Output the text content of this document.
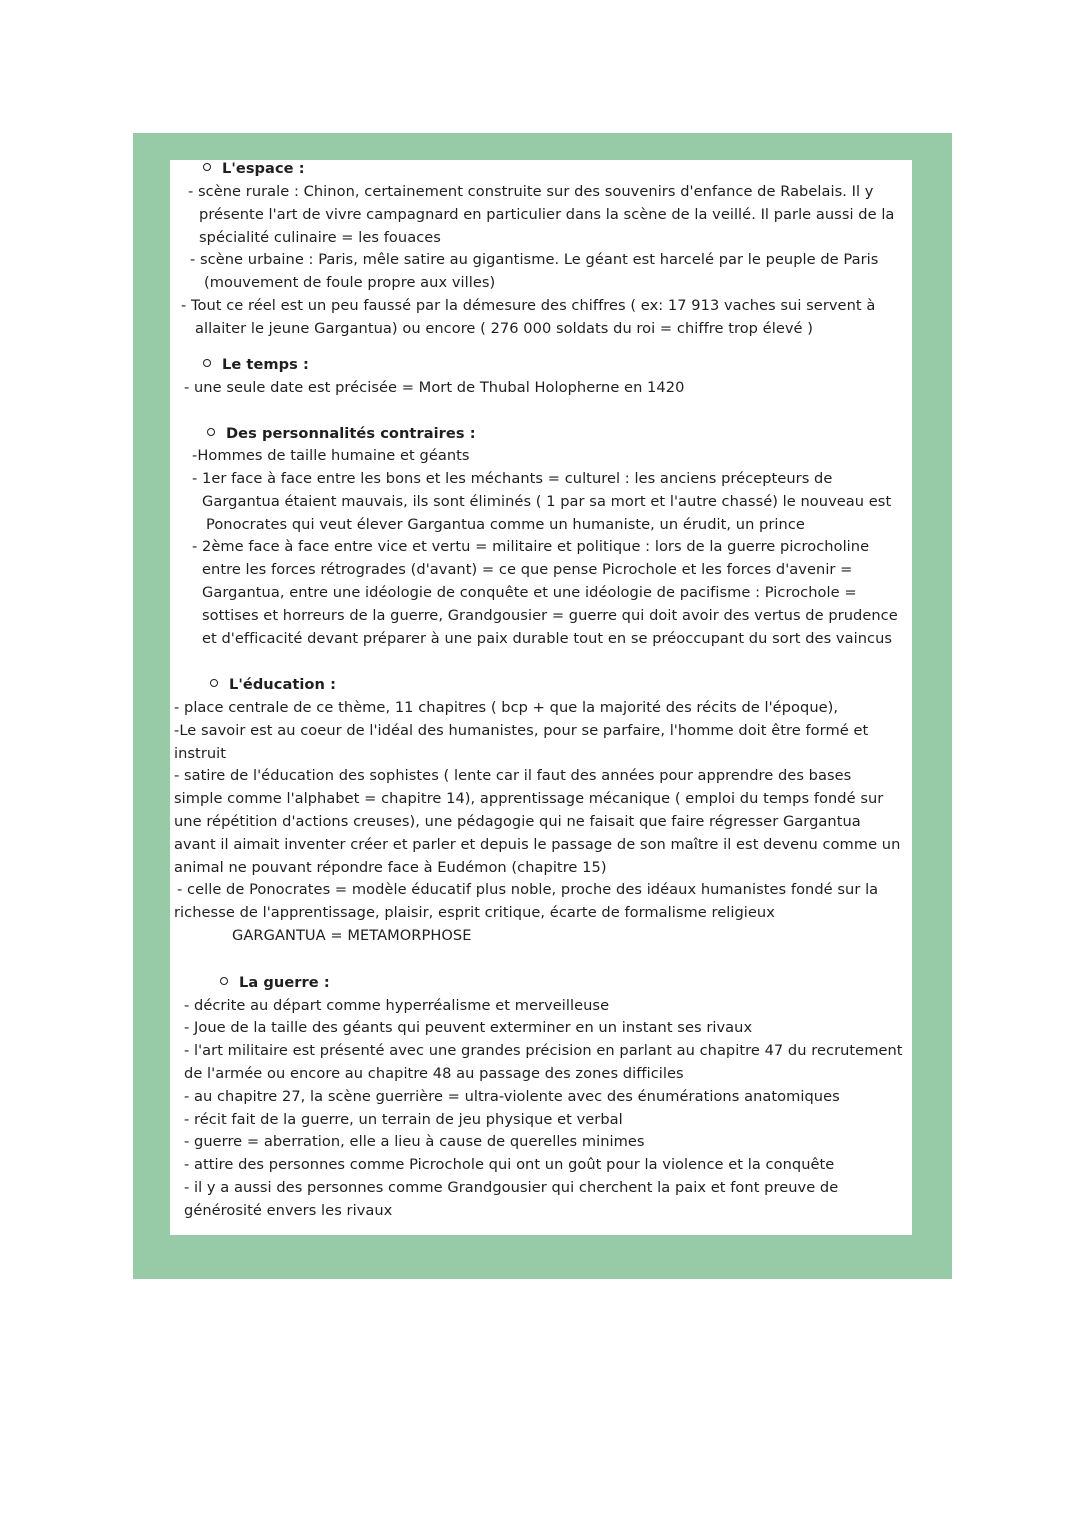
L'espace :
- scène rurale : Chinon, certainement construite sur des souvenirs d'enfance de Rabelais. Il y
présente l'art de vivre campagnard en particulier dans la scène de la veillé. Il parle aussi de la
spécialité culinaire = les fouaces
- scène urbaine : Paris, mêle satire au gigantisme. Le géant est harcelé par le peuple de Paris
(mouvement de foule propre aux villes)
- Tout ce réel est un peu faussé par la démesure des chiffres ( ex: 17 913 vaches sui servent à
allaiter le jeune Gargantua) ou encore ( 276 000 soldats du roi = chiffre trop élevé )
Le temps :
- une seule date est précisée = Mort de Thubal Holopherne en 1420
Des personnalités contraires :
-Hommes de taille humaine et géants
- 1er face à face entre les bons et les méchants = culturel : les anciens précepteurs de
Gargantua étaient mauvais, ils sont éliminés ( 1 par sa mort et l'autre chassé) le nouveau est
Ponocrates qui veut élever Gargantua comme un humaniste, un érudit, un prince
- 2ème face à face entre vice et vertu = militaire et politique : lors de la guerre picrocholine
entre les forces rétrogrades (d'avant) = ce que pense Picrochole et les forces d'avenir =
Gargantua, entre une idéologie de conquête et une idéologie de pacifisme : Picrochole =
sottises et horreurs de la guerre, Grandgousier = guerre qui doit avoir des vertus de prudence
et d'efficacité devant préparer à une paix durable tout en se préoccupant du sort des vaincus
L'éducation :
- place centrale de ce thème, 11 chapitres ( bcp + que la majorité des récits de l'époque),
-Le savoir est au coeur de l'idéal des humanistes, pour se parfaire, l'homme doit être formé et
instruit
- satire de l'éducation des sophistes ( lente car il faut des années pour apprendre des bases
simple comme l'alphabet = chapitre 14), apprentissage mécanique ( emploi du temps fondé sur
une répétition d'actions creuses), une pédagogie qui ne faisait que faire régresser Gargantua
avant il aimait inventer créer et parler et depuis le passage de son maître il est devenu comme un
animal ne pouvant répondre face à Eudémon (chapitre 15)
- celle de Ponocrates = modèle éducatif plus noble, proche des idéaux humanistes fondé sur la
richesse de l'apprentissage, plaisir, esprit critique, écarte de formalisme religieux
GARGANTUA = METAMORPHOSE
La guerre :
- décrite au départ comme hyperréalisme et merveilleuse
- Joue de la taille des géants qui peuvent exterminer en un instant ses rivaux
- l'art militaire est présenté avec une grandes précision en parlant au chapitre 47 du recrutement
de l'armée ou encore au chapitre 48 au passage des zones difficiles
- au chapitre 27, la scène guerrière = ultra-violente avec des énumérations anatomiques
- récit fait de la guerre, un terrain de jeu physique et verbal
- guerre = aberration, elle a lieu à cause de querelles minimes
- attire des personnes comme Picrochole qui ont un goût pour la violence et la conquête
- il y a aussi des personnes comme Grandgousier qui cherchent la paix et font preuve de
générosité envers les rivaux
